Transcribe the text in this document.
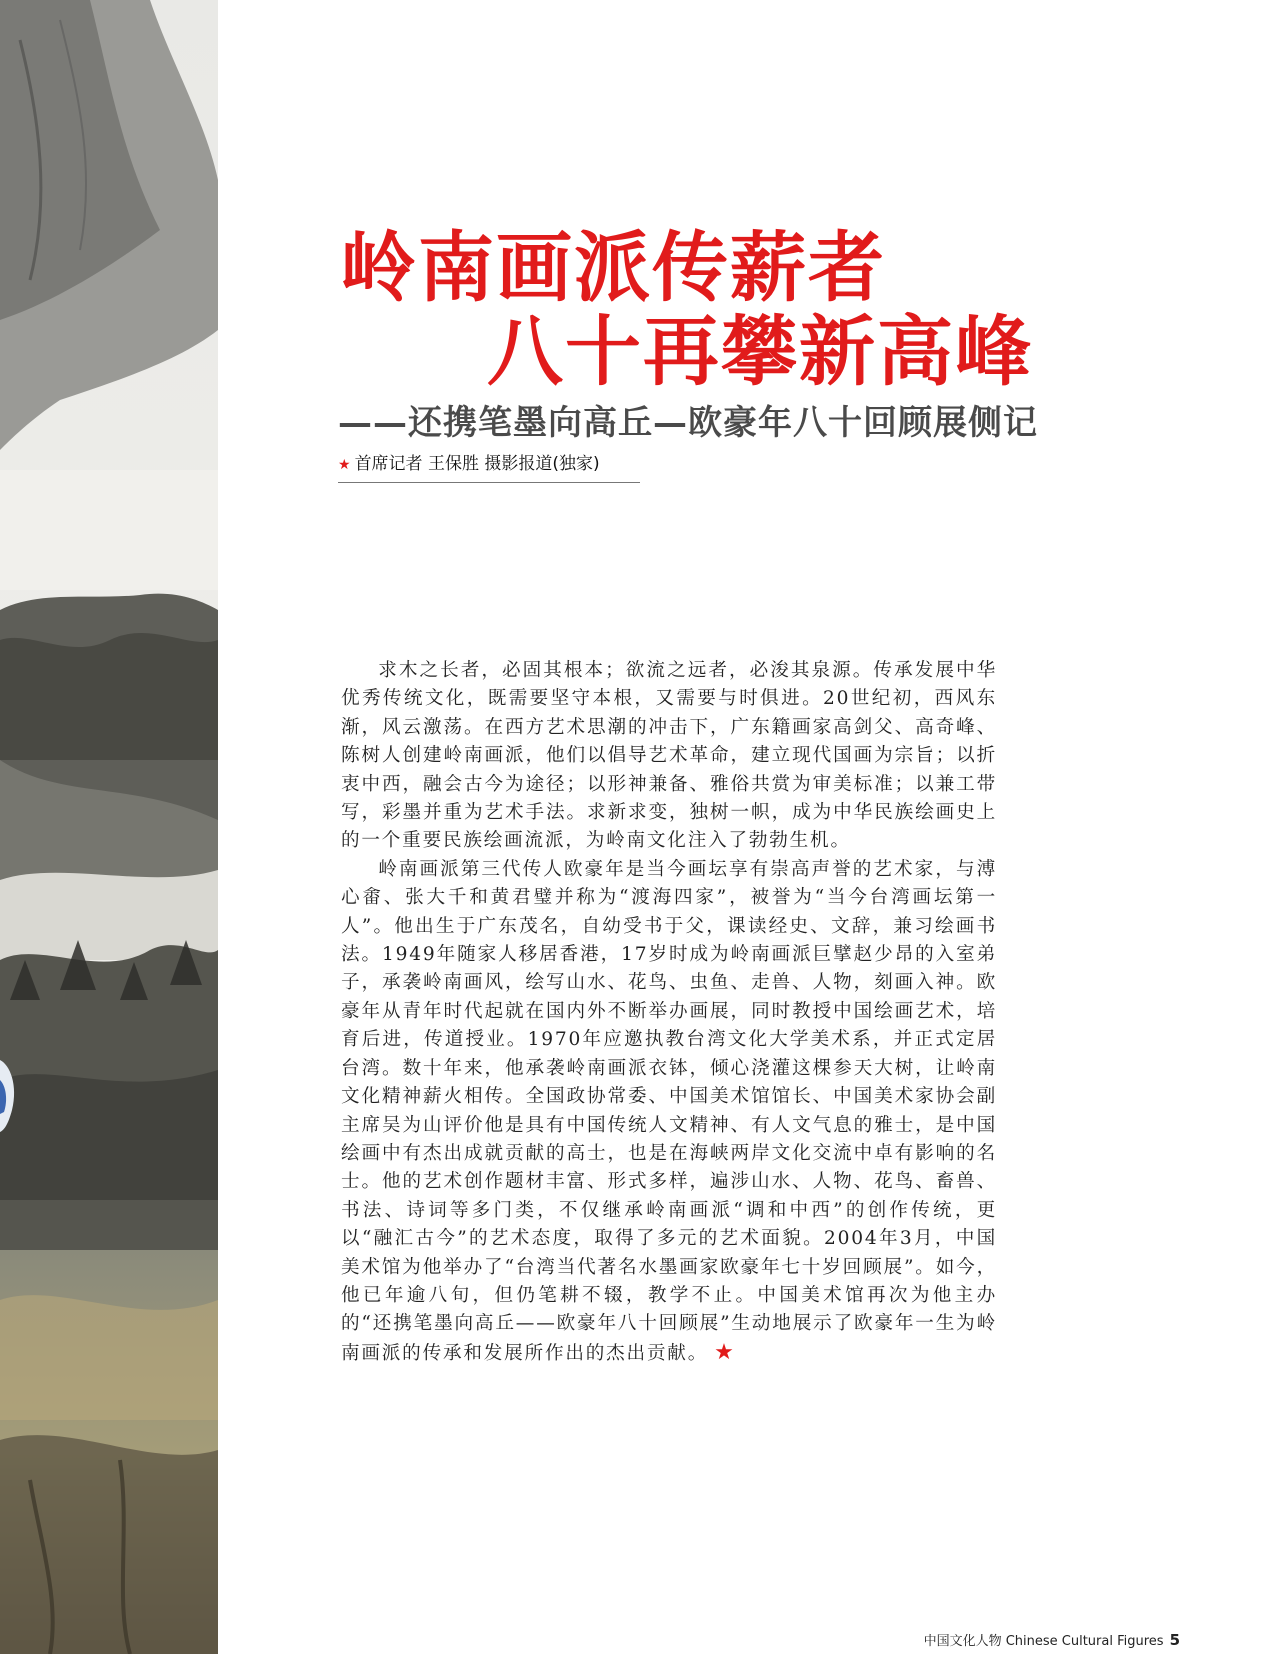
岭南画派传薪者
八十再攀新高峰
——还携笔墨向高丘—欧豪年八十回顾展侧记
★ 首席记者 王保胜 摄影报道(独家)

求木之长者，必固其根本；欲流之远者，必浚其泉源。传承发展中华优秀传统文化，既需要坚守本根，又需要与时俱进。20世纪初，西风东渐，风云激荡。在西方艺术思潮的冲击下，广东籍画家高剑父、高奇峰、陈树人创建岭南画派，他们以倡导艺术革命，建立现代国画为宗旨；以折衷中西，融会古今为途径；以形神兼备、雅俗共赏为审美标准；以兼工带写，彩墨并重为艺术手法。求新求变，独树一帜，成为中华民族绘画史上的一个重要民族绘画流派，为岭南文化注入了勃勃生机。

岭南画派第三代传人欧豪年是当今画坛享有崇高声誉的艺术家，与溥心畬、张大千和黄君璧并称为“渡海四家”，被誉为“当今台湾画坛第一人”。他出生于广东茂名，自幼受书于父，课读经史、文辞，兼习绘画书法。1949年随家人移居香港，17岁时成为岭南画派巨擘赵少昂的入室弟子，承袭岭南画风，绘写山水、花鸟、虫鱼、走兽、人物，刻画入神。欧豪年从青年时代起就在国内外不断举办画展，同时教授中国绘画艺术，培育后进，传道授业。1970年应邀执教台湾文化大学美术系，并正式定居台湾。数十年来，他承袭岭南画派衣钵，倾心浇灌这棵参天大树，让岭南文化精神薪火相传。全国政协常委、中国美术馆馆长、中国美术家协会副主席吴为山评价他是具有中国传统人文精神、有人文气息的雅士，是中国绘画中有杰出成就贡献的高士，也是在海峡两岸文化交流中卓有影响的名士。他的艺术创作题材丰富、形式多样，遍涉山水、人物、花鸟、畜兽、书法、诗词等多门类，不仅继承岭南画派“调和中西”的创作传统，更以“融汇古今”的艺术态度，取得了多元的艺术面貌。2004年3月，中国美术馆为他举办了“台湾当代著名水墨画家欧豪年七十岁回顾展”。如今，他已年逾八旬，但仍笔耕不辍，教学不止。中国美术馆再次为他主办的“还携笔墨向高丘——欧豪年八十回顾展”生动地展示了欧豪年一生为岭南画派的传承和发展所作出的杰出贡献。 ★

中国文化人物 Chinese Cultural Figures 5
